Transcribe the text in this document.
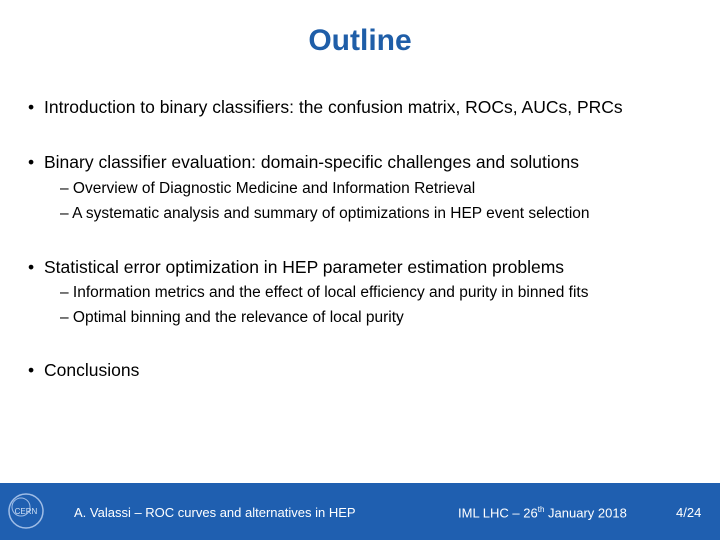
Outline
• Introduction to binary classifiers: the confusion matrix, ROCs, AUCs, PRCs
• Binary classifier evaluation: domain-specific challenges and solutions
– Overview of Diagnostic Medicine and Information Retrieval
– A systematic analysis and summary of optimizations in HEP event selection
• Statistical error optimization in HEP parameter estimation problems
– Information metrics and the effect of local efficiency and purity in binned fits
– Optimal binning and the relevance of local purity
• Conclusions
CERN	A. Valassi – ROC curves and alternatives in HEP	IML LHC – 26th January 2018	4/24
